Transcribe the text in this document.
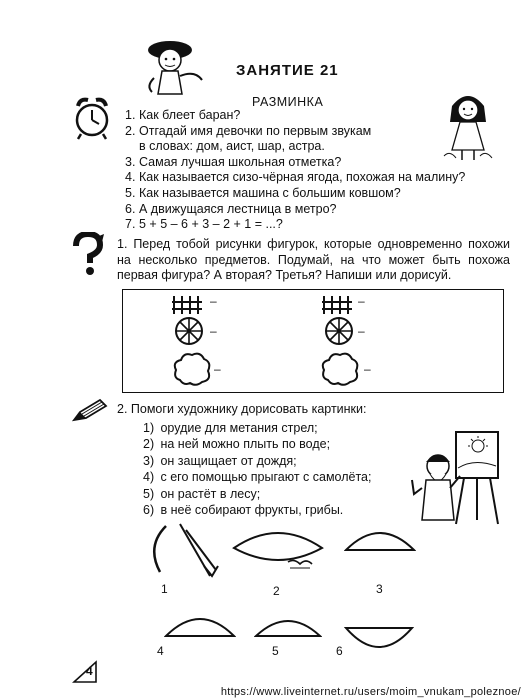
ЗАНЯТИЕ 21
РАЗМИНКА
1. Как блеет баран?
2. Отгадай имя девочки по первым звукам
в словах: дом, аист, шар, астра.
3. Самая лучшая школьная отметка?
4. Как называется сизо-чёрная ягода, похожая на малину?
5. Как называется машина с большим ковшом?
6. А движущаяся лестница в метро?
7. 5 + 5 – 6 + 3 – 2 + 1 = ...?
1. Перед тобой рисунки фигурок, которые одновременно похожи на несколько предметов. Подумай, на что может быть похожа первая фигура? А вторая? Третья? Напиши или дорисуй.
–
–
–
–
–
–
2. Помоги художнику дорисовать картинки:
1) орудие для метания стрел;
2) на ней можно плыть по воде;
3) он защищает от дождя;
4) с его помощью прыгают с самолёта;
5) он растёт в лесу;
6) в неё собирают фрукты, грибы.
1	2	3
4	5	6
4
https://www.liveinternet.ru/users/moim_vnukam_poleznoe/
